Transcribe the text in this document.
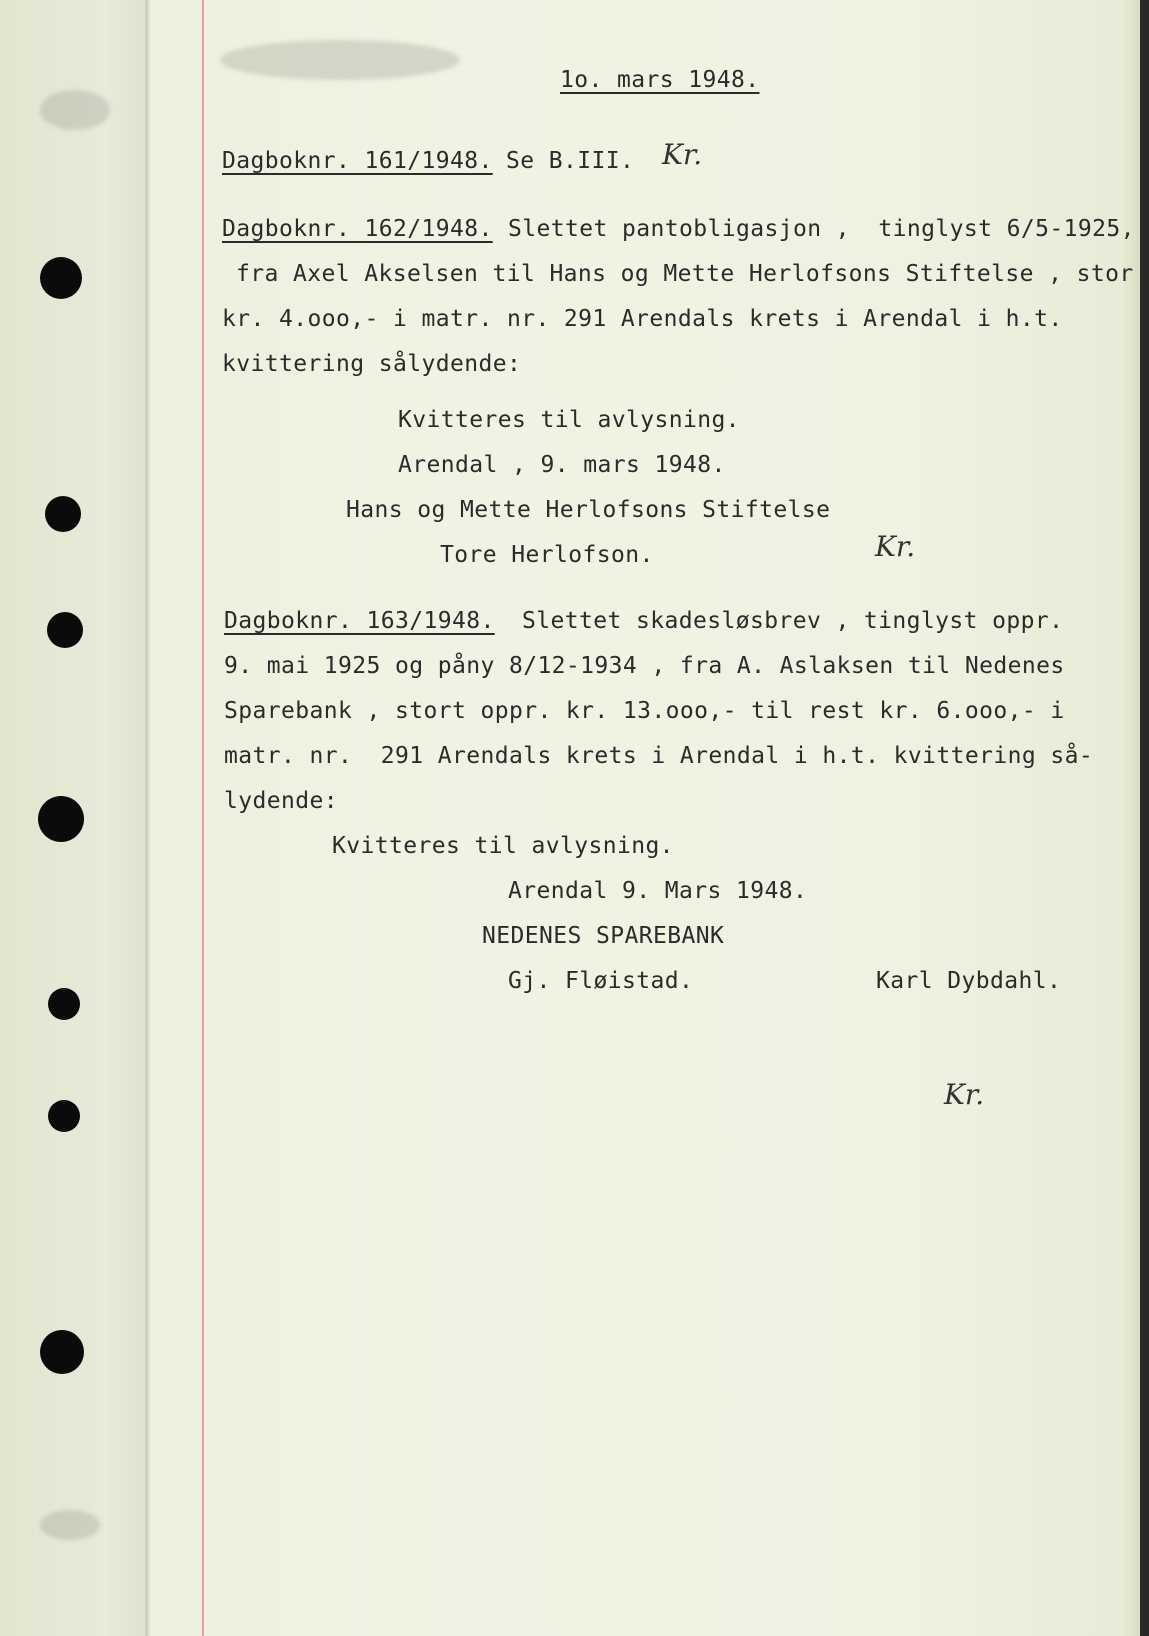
1o. mars 1948.
Dagboknr. 161/1948. Se B.III. Kr.
Dagboknr. 162/1948. Slettet pantobligasjon ,  tinglyst 6/5-1925,
fra Axel Akselsen til Hans og Mette Herlofsons Stiftelse , stor
kr. 4.ooo,- i matr. nr. 291 Arendals krets i Arendal i h.t.
kvittering sålydende:
Kvitteres til avlysning.
Arendal , 9. mars 1948.
Hans og Mette Herlofsons Stiftelse
Tore Herlofson.	Kr.
Dagboknr. 163/1948. Slettet skadesløsbrev , tinglyst oppr.
9. mai 1925 og påny 8/12-1934 , fra A. Aslaksen til Nedenes
Sparebank , stort oppr. kr. 13.ooo,- til rest kr. 6.ooo,- i
matr. nr.  291 Arendals krets i Arendal i h.t. kvittering så-
lydende:
Kvitteres til avlysning.
Arendal 9. Mars 1948.
NEDENES SPAREBANK
Gj. Fløistad.	Karl Dybdahl.
Kr.
